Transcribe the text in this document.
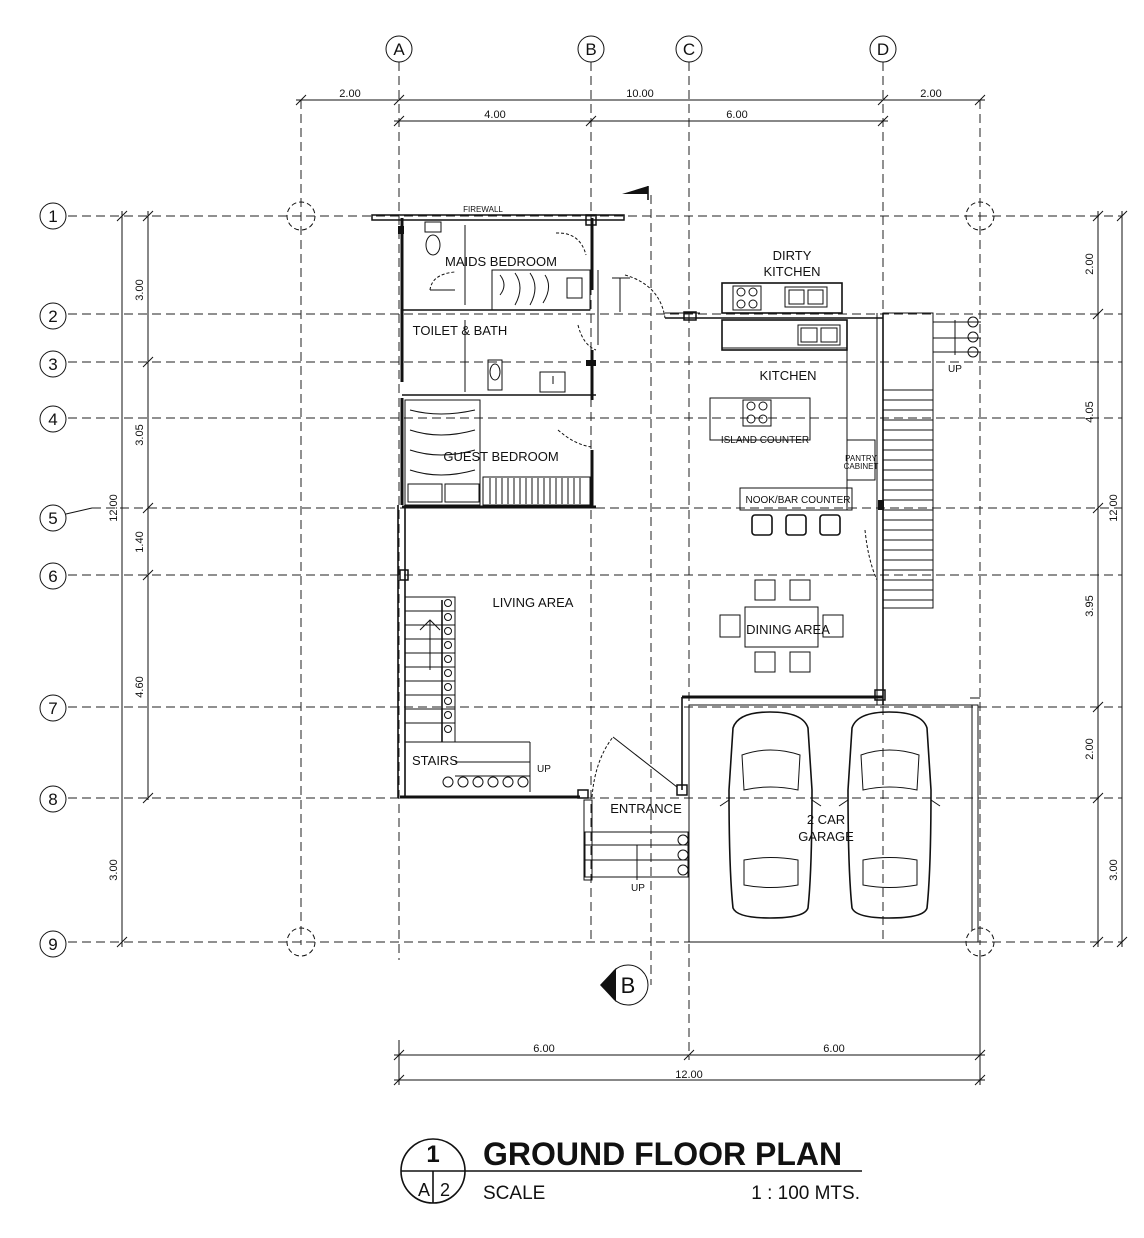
A	B	C	D
1
2
3
4
5
6
7
8
9
2.00	10.00	2.00
4.00	6.00
6.00	6.00
12.00
3.00
3.05
1.40
4.60
3.00
12.00
2.00
4.05
3.95
2.00
3.00
12.00
B
FIREWALL
MAIDS BEDROOM
TOILET & BATH
GUEST BEDROOM
DIRTY
KITCHEN
KITCHEN
ISLAND COUNTER
PANTRY
CABINET
NOOK/BAR COUNTER
LIVING AREA
DINING AREA
STAIRS
UP
ENTRANCE
UP
2 CAR
GARAGE
UP
1
A 2
GROUND FLOOR PLAN
SCALE	1 : 100 MTS.
